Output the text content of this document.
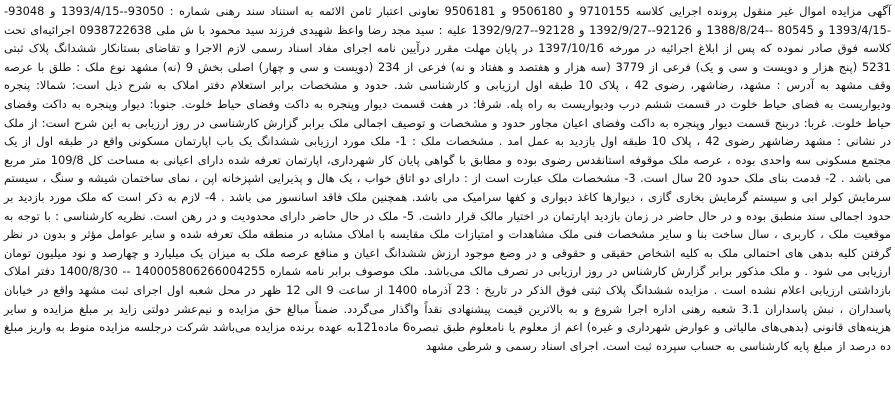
آگهی مزایده اموال غیر منقول پرونده اجرایی کلاسه 9710155 و 9506180 و 9506181 تعاونی اعتبار ثامن الائمه به استناد سند رهنی شماره : 93050--1393/4/15 و 93048--1393/4/15 و 80545 --1388/8/24 و 92126--1392/9/27 و 92128--1392/9/27 علیه : سید مجد رضا واعظ شهیدی فرزند سید محمود با ش ملی 0938722638 اجرائیه‌ای تحت کلاسه فوق صادر نموده که پس از ابلاغ اجرائیه در مورخه 1397/10/16 در پایان مهلت مقرر درآیین نامه اجرای مفاد اسناد رسمی لازم الاجرا و تقاضای بستانکار ششدانگ پلاک ثبتی 5231 (پنج هزار و دویست و سی و یک) فرعی از 3779 (سه هزار و هفتصد و هفتاد و نه) فرعی از 234 (دویست و سی و چهار) اصلی بخش 9 (نه) مشهد نوع ملک : طلق با عرصه وقف مشهد به آدرس : مشهد، رضاشهر، رضوی 42 ، پلاک 10 طبقه اول ارزیابی و کارشناسی شد. حدود و مشخصات برابر استعلام دفتر املاک به شرح ذیل است: شمالا: پنجره ودیواریست به فضای حیاط خلوت در قسمت ششم درب ودیواریست به راه پله. شرقا: در هفت قسمت دیوار وپنجره به داکت وفضای حیاط خلوت. جنوبا: دیوار وپنجره به داکت وفضای حیاط خلوت. غربا: دربنج قسمت دیوار وپنجره به داکت وفضای اعیان مجاور حدود و مشخصات و توصیف اجمالی ملک برابر گزارش کارشناسی در روز ارزیابی به این شرح است: از ملک در نشانی : مشهد رضاشهر رضوی 42 ، پلاک 10 طبقه اول بازدید به عمل امد . مشخصات ملک : 1- ملک مورد ارزیابی ششدانگ یک باب اپارتمان مسکونی واقع در طبقه اول از یک مجتمع مسکونی سه واحدی بوده ، عرصه ملک موقوفه استانقدس رضوی بوده و مطابق با گواهی پایان کار شهرداری، اپارتمان تعرفه شده دارای اعیانی به مساحت کل 109/8 متر مربع می باشد . 2- قدمت بنای ملک حدود 20 سال است. 3- مشخصات ملک عبارت است از : دارای دو اتاق خواب ، یک هال و پذیرایی اشپزخانه اپن ، نمای ساختمان شیشه و سنگ ، سیستم سرمایش کولر ابی و سیستم گرمایش بخاری گازی ، دیوارها کاغذ دیواری و کفها سرامیک می باشد. همچنین ملک فاقد اسانسور می باشد . 4- لازم به ذکر است که ملک مورد بازدید بر حدود اجمالی سند منطبق بوده و در حال حاضر در زمان بازدید اپارتمان در اختیار مالک قرار داشت. 5- ملک در حال حاضر دارای محدودیت و در رهن است. نظریه کارشناسی : با توجه به موقعیت ملک ، کاربری ، سال ساخت بنا و سایر مشخصات فنی ملک مشاهدات و امتیازات ملک مقایسه با املاک مشابه در منطقه ملک تعرفه شده و سایر عوامل مؤثر و بدون در نظر گرفتن کلیه بدهی های احتمالی ملک به کلیه اشخاص حقیقی و حقوقی و در وضع موجود ارزش ششدانگ اعیان و منافع عرصه ملک به میزان یک میلیارد و چهارصد و نود میلیون تومان ارزیابی می شود . و ملک مذکور برابر گزارش کارشناس در روز ارزیابی در تصرف مالک می‌باشد. ملک موصوف برابر نامه شماره 140005806266004255 -- 1400/8/30 دفتر املاک بازداشتی ارزیابی اعلام نشده است . مزایده ششدانگ پلاک ثبتی فوق الذکر در تاریخ : 23 آذرماه 1400 از ساعت 9 الی 12 ظهر در محل شعبه اول اجرای ثبت مشهد واقع در خیابان پاسداران ، نبش پاسداران 3.1 شعبه رهنی اداره اجرا شروع و به بالاترین قیمت پیشنهادی نقداً واگذار می‌گردد. ضمناً مبالغ حق مزایده و نیم‌عشر دولتی زاید بر مبلغ مزایده و سایر هزینه‌های قانونی (بدهی‌های مالیاتی و عوارض شهرداری و غیره) اعم از معلوم یا نامعلوم طبق تبصره6 ماده121به عهده برنده مزایده می‌باشد شرکت درجلسه مزایده منوط به واریز مبلغ ده درصد از مبلغ پایه کارشناسی به حساب سپرده ثبت است. اجرای اسناد رسمی و شرطی مشهد
